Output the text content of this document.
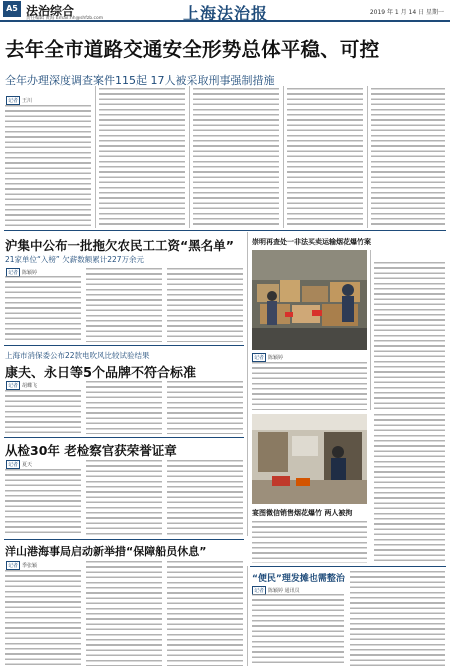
A5 法治综合
责任编辑 黄海 Email:hh@shfzb.com	上海法治报	2019 年 1 月 14 日 星期一
去年全市道路交通安全形势总体平稳、可控
全年办理深度调查案件115起 17人被采取刑事强制措施
记者 王川
沪集中公布一批拖欠农民工工资“黑名单”
21家单位“入榜” 欠薪数额累计227万余元
记者 陈颖婷
崇明再查处一非法买卖运输烟花爆竹案
记者 陈颖婷
上海市消保委公布22款电吹风比较试验结果
康夫、永日等5个品牌不符合标准
记者 胡蝶飞
从检30年 老检察官获荣誉证章
记者 夏天
宴图微信销售烟花爆竹 两人被拘
洋山港海事局启动新举措“保障船员休息”
记者 季张颖
“便民”理发摊也需整治
记者 陈颖婷 通讯员
